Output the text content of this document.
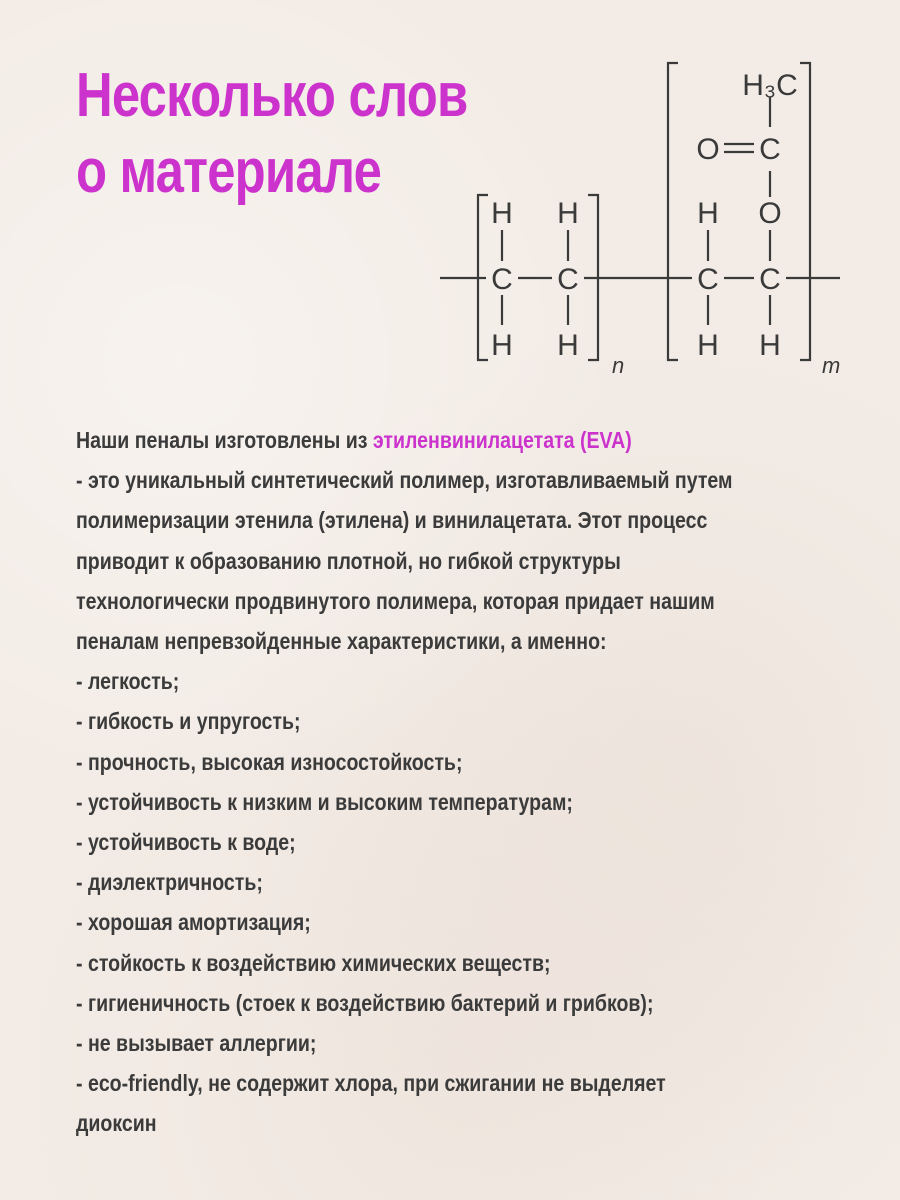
Несколько слов
о материале
H₃C
O C
O
H H	H
C C	C C
H H	H H
n	m
Наши пеналы изготовлены из этиленвинилацетата (EVA)
- это уникальный синтетический полимер, изготавливаемый путем
полимеризации этенила (этилена) и винилацетата. Этот процесс
приводит к образованию плотной, но гибкой структуры
технологически продвинутого полимера, которая придает нашим
пеналам непревзойденные характеристики, а именно:
- легкость;
- гибкость и упругость;
- прочность, высокая износостойкость;
- устойчивость к низким и высоким температурам;
- устойчивость к воде;
- диэлектричность;
- хорошая амортизация;
- стойкость к воздействию химических веществ;
- гигиеничность (стоек к воздействию бактерий и грибков);
- не вызывает аллергии;
- eco-friendly, не содержит хлора, при сжигании не выделяет
диоксин
